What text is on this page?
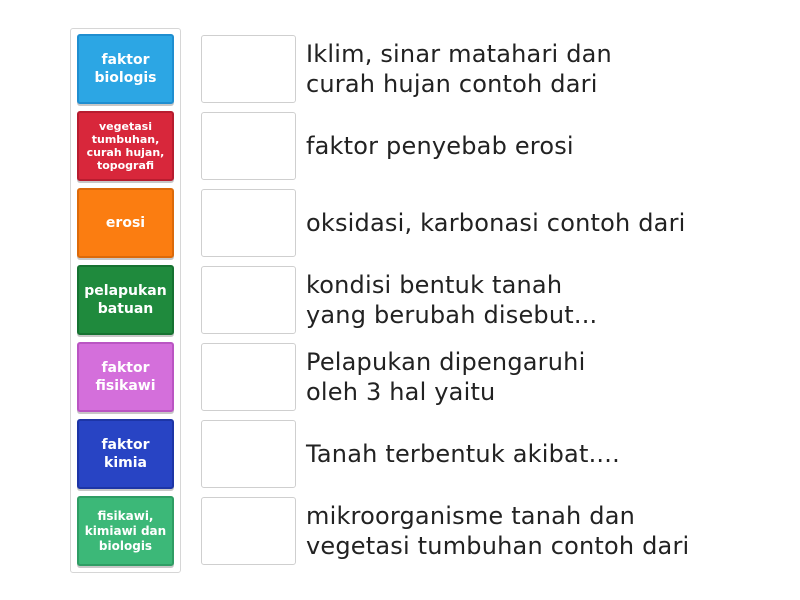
faktor biologis
vegetasi tumbuhan, curah hujan, topografi
erosi
pelapukan batuan
faktor fisikawi
faktor kimia
fisikawi, kimiawi dan biologis
Iklim, sinar matahari dan
curah hujan contoh dari
faktor penyebab erosi
oksidasi, karbonasi contoh dari
kondisi bentuk tanah
yang berubah disebut...
Pelapukan dipengaruhi
oleh 3 hal yaitu
Tanah terbentuk akibat....
mikroorganisme tanah dan
vegetasi tumbuhan contoh dari
